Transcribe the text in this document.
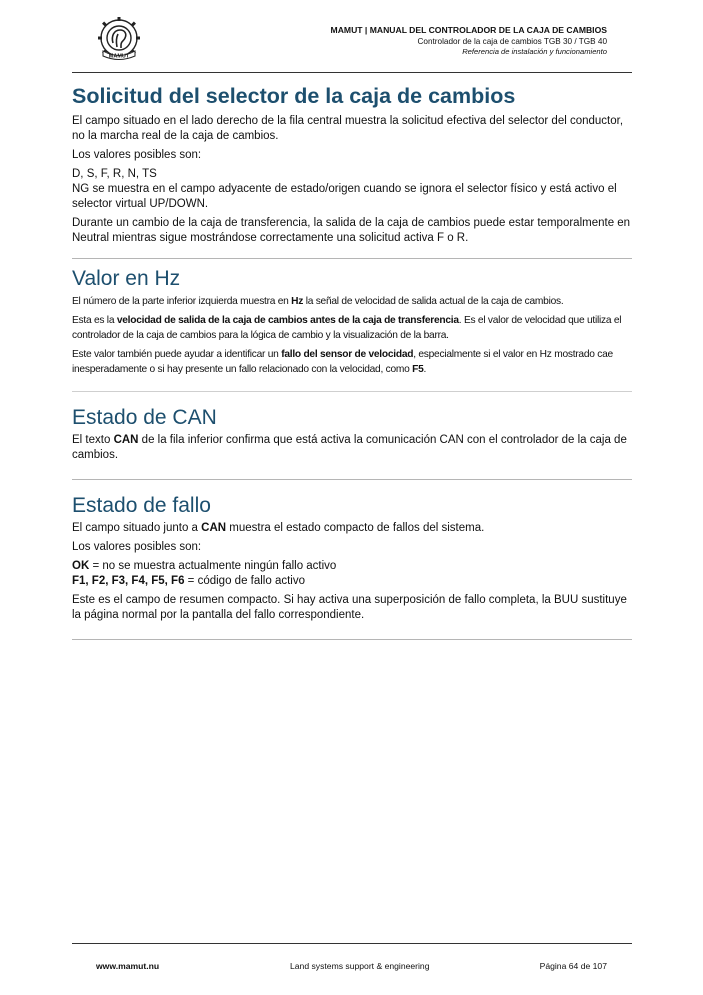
MAMUT
MAMUT | MANUAL DEL CONTROLADOR DE LA CAJA DE CAMBIOS
Controlador de la caja de cambios TGB 30 / TGB 40
Referencia de instalación y funcionamiento
Solicitud del selector de la caja de cambios

El campo situado en el lado derecho de la fila central muestra la solicitud efectiva del selector del conductor, no la marcha real de la caja de cambios.

Los valores posibles son:

D, S, F, R, N, TS
NG se muestra en el campo adyacente de estado/origen cuando se ignora el selector físico y está activo el selector virtual UP/DOWN.

Durante un cambio de la caja de transferencia, la salida de la caja de cambios puede estar temporalmente en Neutral mientras sigue mostrándose correctamente una solicitud activa F o R.

Valor en Hz

El número de la parte inferior izquierda muestra en Hz la señal de velocidad de salida actual de la caja de cambios.

Esta es la velocidad de salida de la caja de cambios antes de la caja de transferencia. Es el valor de velocidad que utiliza el controlador de la caja de cambios para la lógica de cambio y la visualización de la barra.

Este valor también puede ayudar a identificar un fallo del sensor de velocidad, especialmente si el valor en Hz mostrado cae inesperadamente o si hay presente un fallo relacionado con la velocidad, como F5.

Estado de CAN

El texto CAN de la fila inferior confirma que está activa la comunicación CAN con el controlador de la caja de cambios.

Estado de fallo

El campo situado junto a CAN muestra el estado compacto de fallos del sistema.

Los valores posibles son:

OK = no se muestra actualmente ningún fallo activo
F1, F2, F3, F4, F5, F6 = código de fallo activo

Este es el campo de resumen compacto. Si hay activa una superposición de fallo completa, la BUU sustituye la página normal por la pantalla del fallo correspondiente.

www.mamut.nu	Land systems support & engineering	Página 64 de 107
